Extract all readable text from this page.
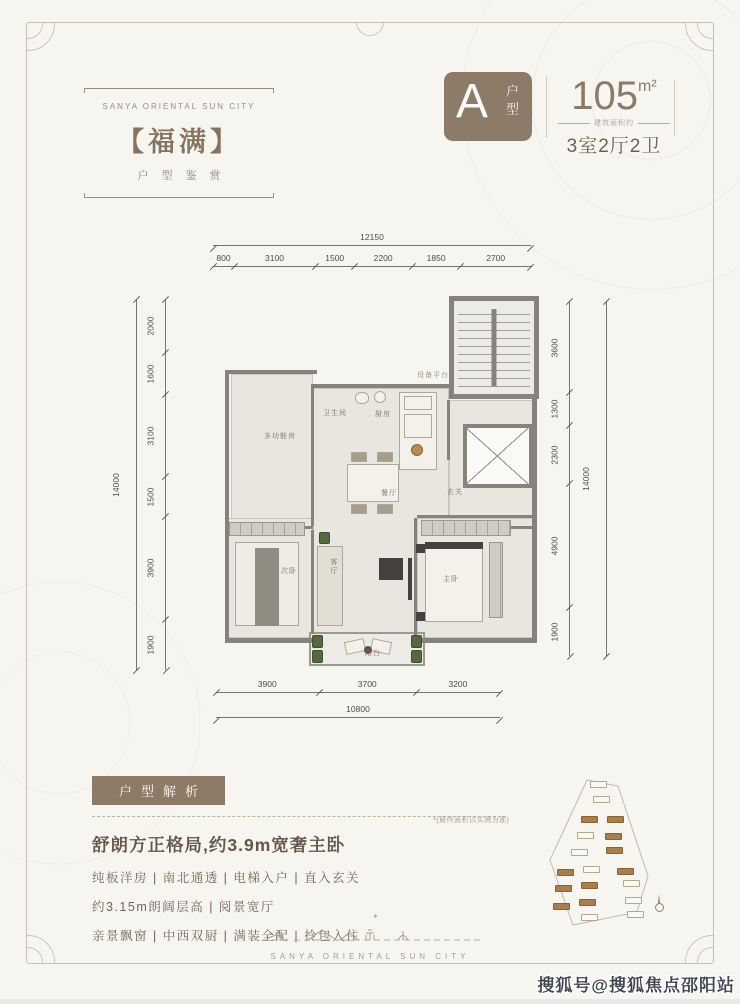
SANYA ORIENTAL SUN CITY
【福满】
户型鉴赏
A 户型	$105^{m^2}$
建筑面积约
3室2厅2卫
12150
800	3100	1500	2200	1850	2700
14000
2000
1600
3100
1500
3900
1900
3600
1300
2300
4900
1900
14000
3900	3700	3200
10800
多功能房
卫生间	厨房
设备平台
玄关
餐厅
客厅
主卧
次卧
阳台
户型解析
舒朗方正格局,约3.9m宽奢主卧
纯板洋房 | 南北通透 | 电梯入户 | 直入玄关
约3.15m朗阔层高 | 阅景宽厅
亲景飘窗 | 中西双厨 | 满装全配 | 拎包入住
*(最终面积以实测为准)
✦
SANYA ORIENTAL SUN CITY
搜狐号@搜狐焦点邵阳站
